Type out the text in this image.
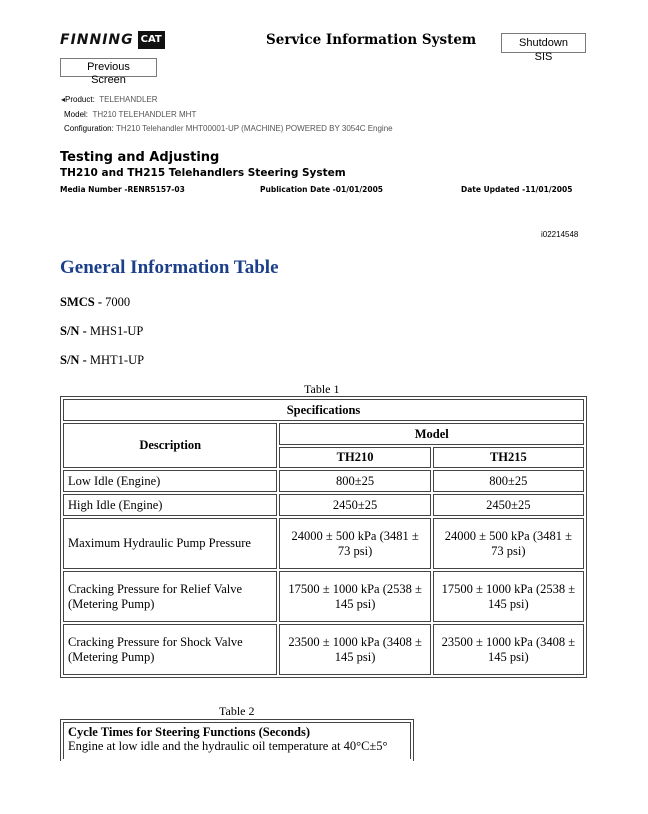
FINNING CAT	Service Information System	Shutdown SIS
Previous Screen
◂Product: TELEHANDLER
Model: TH210 TELEHANDLER MHT
Configuration: TH210 Telehandler MHT00001-UP (MACHINE) POWERED BY 3054C Engine
Testing and Adjusting
TH210 and TH215 Telehandlers Steering System
Media Number -RENR5157-03	Publication Date -01/01/2005	Date Updated -11/01/2005
i02214548
General Information Table
SMCS - 7000
S/N - MHS1-UP
S/N - MHT1-UP
Table 1
Specifications		
Description	Model	
	TH210	TH215
Low Idle (Engine)	800±25	800±25
High Idle (Engine)	2450±25	2450±25
Maximum Hydraulic Pump Pressure	24000 ± 500 kPa (3481 ± 73 psi)	24000 ± 500 kPa (3481 ± 73 psi)
Cracking Pressure for Relief Valve (Metering Pump)	17500 ± 1000 kPa (2538 ± 145 psi)	17500 ± 1000 kPa (2538 ± 145 psi)
Cracking Pressure for Shock Valve (Metering Pump)	23500 ± 1000 kPa (3408 ± 145 psi)	23500 ± 1000 kPa (3408 ± 145 psi)
Table 2
Cycle Times for Steering Functions (Seconds)
Engine at low idle and the hydraulic oil temperature at 40°C±5°
